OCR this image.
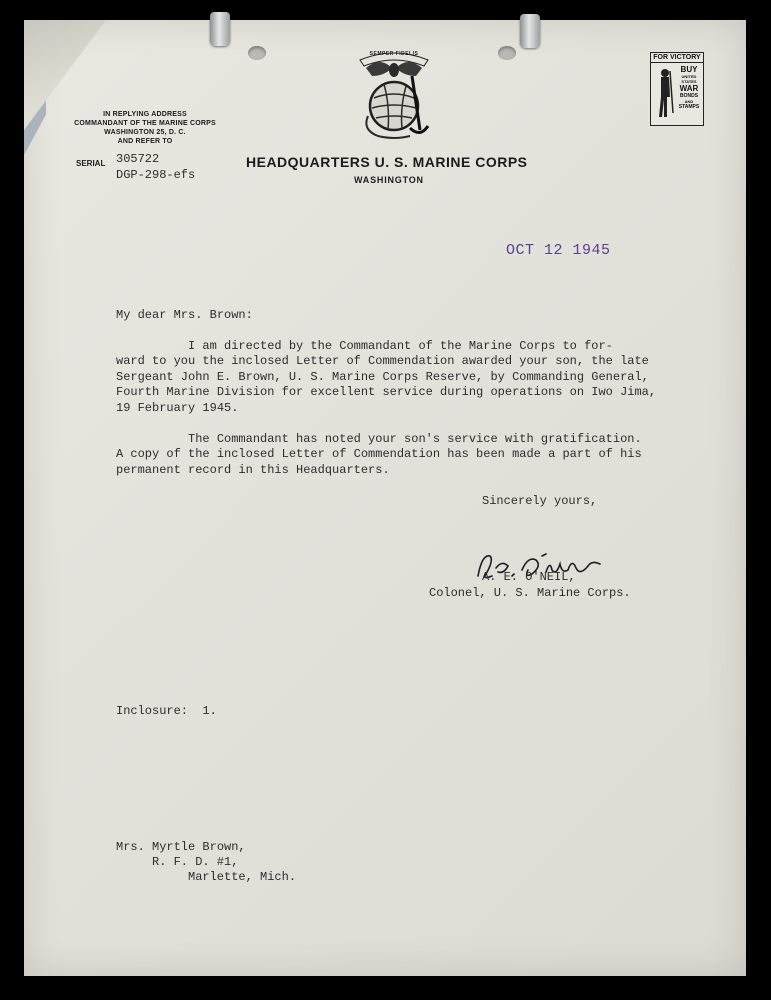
IN REPLYING ADDRESS
COMMANDANT OF THE MARINE CORPS
WASHINGTON 25, D. C.
AND REFER TO
SERIAL 305722
DGP-298-efs
SEMPER FIDELIS
HEADQUARTERS U. S. MARINE CORPS
WASHINGTON
FOR VICTORY
BUY
UNITED
STATES
WAR
BONDS
AND
STAMPS
OCT 12 1945
My dear Mrs. Brown:
I am directed by the Commandant of the Marine Corps to for-
ward to you the inclosed Letter of Commendation awarded your son, the late
Sergeant John E. Brown, U. S. Marine Corps Reserve, by Commanding General,
Fourth Marine Division for excellent service during operations on Iwo Jima,
19 February 1945.
The Commandant has noted your son's service with gratification.
A copy of the inclosed Letter of Commendation has been made a part of his
permanent record in this Headquarters.
Sincerely yours,
A. E. O'NEIL,
Colonel, U. S. Marine Corps.
Inclosure:  1.
Mrs. Myrtle Brown,
R. F. D. #1,
Marlette, Mich.
